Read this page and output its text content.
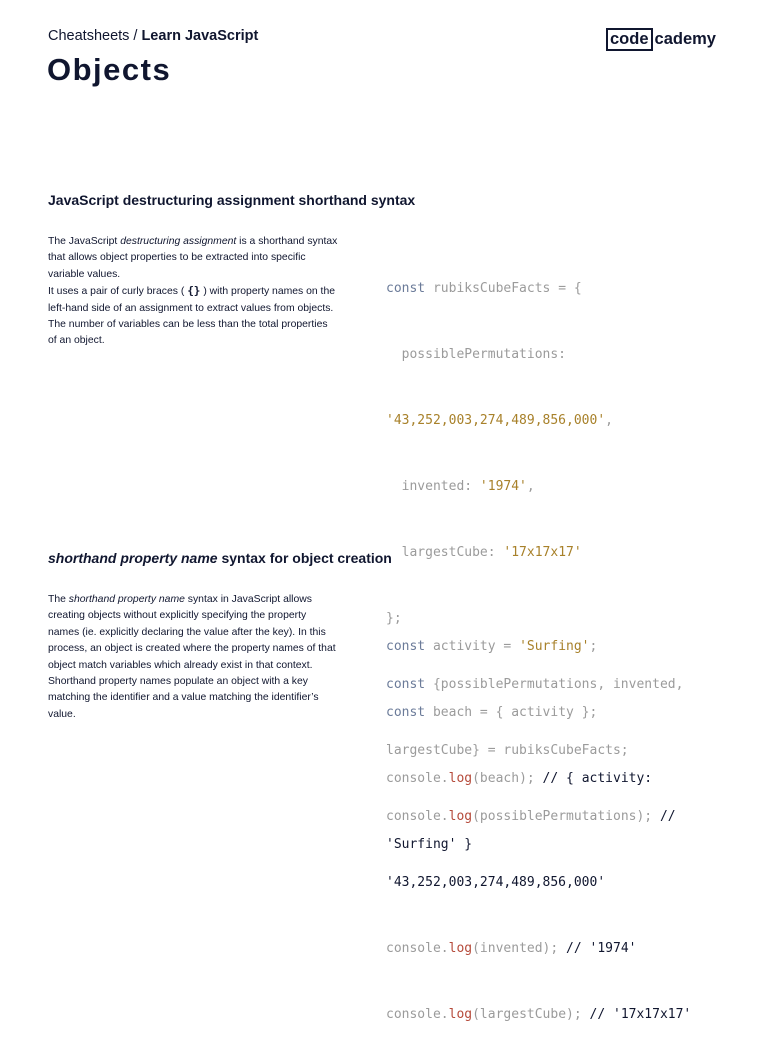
Cheatsheets / Learn JavaScript	code cademy
Objects
JavaScript destructuring assignment shorthand syntax

The JavaScript destructuring assignment is a shorthand syntax that allows object properties to be extracted into specific variable values.

It uses a pair of curly braces ( {} ) with property names on the left-hand side of an assignment to extract values from objects. The number of variables can be less than the total properties of an object.

const rubiksCubeFacts = {

possiblePermutations:

'43,252,003,274,489,856,000',

invented: '1974',

largestCube: '17x17x17'

};

const {possiblePermutations, invented,

largestCube} = rubiksCubeFacts;

console.log(possiblePermutations); //

'43,252,003,274,489,856,000'

console.log(invented); // '1974'

console.log(largestCube); // '17x17x17'

shorthand property name syntax for object creation

The shorthand property name syntax in JavaScript allows creating objects without explicitly specifying the property names (ie. explicitly declaring the value after the key). In this process, an object is created where the property names of that object match variables which already exist in that context. Shorthand property names populate an object with a key matching the identifier and a value matching the identifier’s value.

const activity = 'Surfing';

const beach = { activity };

console.log(beach); // { activity:

'Surfing' }
